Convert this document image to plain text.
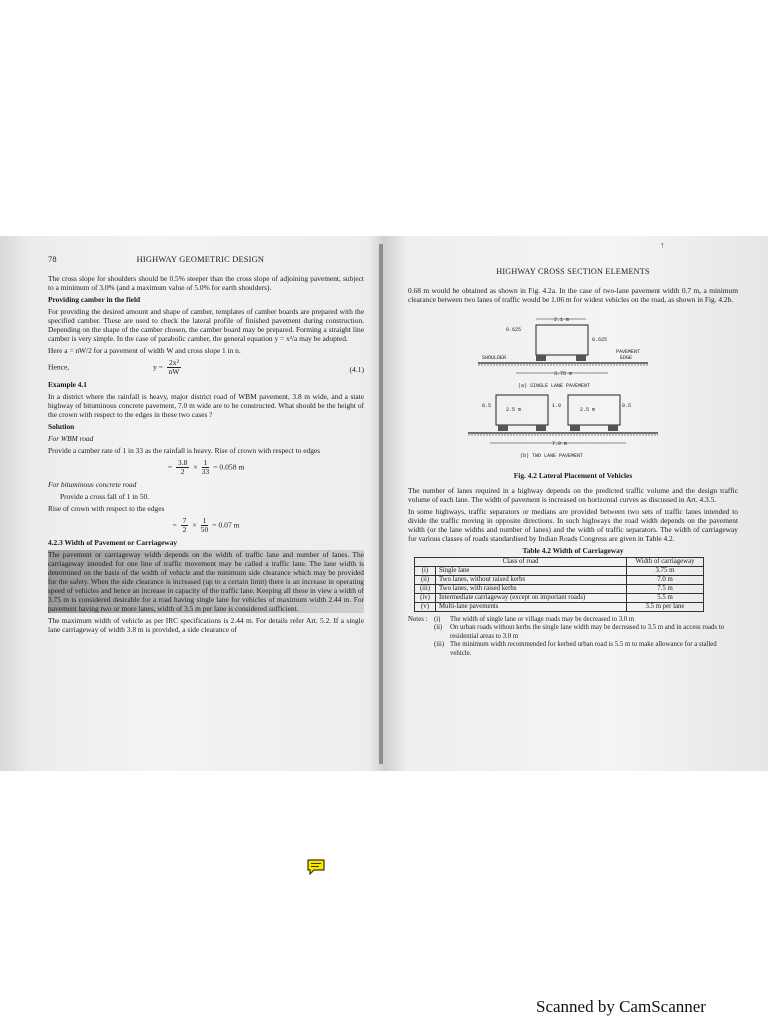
↑
78	HIGHWAY GEOMETRIC DESIGN

The cross slope for shoulders should be 0.5% steeper than the cross slope of adjoining pavement, subject to a minimum of 3.0% (and a maximum value of 5.0% for earth shoulders).

Providing camber in the field

For providing the desired amount and shape of camber, templates of camber boards are prepared with the specified camber. These are used to check the lateral profile of finished pavement during construction. Depending on the shape of the camber chosen, the camber board may be prepared. Forming a straight line camber is very simple. In the case of parabolic camber, the general equation y = x²/a may be adopted.

Here a = nW/2 for a pavement of width W and cross slope 1 in n.

Hence,	$y = \frac{\text{2x²}}{nW}$	(4.1)

Example 4.1

In a district where the rainfall is heavy, major district road of WBM pavement, 3.8 m wide, and a state highway of bituminous concrete pavement, 7.0 m wide are to be constructed. What should be the height of the crown with respect to the edges in these two cases ?

Solution

For WBM road

Provide a camber rate of 1 in 33 as the rainfall is heavy. Rise of crown with respect to edges

= $\frac{3.8}{2} \times \frac{1}{33} = 0.058$ m

For bituminous concrete road

Provide a cross fall of 1 in 50.

Rise of crown with respect to the edges

= $\frac{7}{2} \times \frac{1}{50} = 0.07$ m

4.2.3 Width of Pavement or Carriageway

The pavement or carriageway width depends on the width of traffic lane and number of lanes. The carriageway intended for one line of traffic movement may be called a traffic lane. The lane width is determined on the basis of the width of vehicle and the minimum side clearance which may be provided for the safety. When the side clearance is increased (up to a certain limit) there is an increase in operating speed of vehicles and hence an increase in capacity of the traffic lane. Keeping all these in view a width of 3.75 m is considered desirable for a road having single lane for vehicles of maximum width 2.44 m. For pavement having two or more lanes, width of 3.5 m per lane is considered sufficient.

The maximum width of vehicle as per IRC specifications is 2.44 m. For details refer Art. 5.2. If a single lane carriageway of width 3.8 m is provided, a side clearance of

HIGHWAY CROSS SECTION ELEMENTS

0.68 m would be obtained as shown in Fig. 4.2a. In the case of two-lane pavement width 0.7 m, a minimum clearance between two lanes of traffic would be 1.06 m for widest vehicles on the road, as shown in Fig. 4.2b.

2.1 m
0.625
0.625
SHOULDER
PAVEMENT
EDGE
3.75 m
(a) SINGLE LANE PAVEMENT
0.5
2.5 m
1.0
2.5 m
0.5
7.0 m
(b) TWO LANE PAVEMENT
Fig. 4.2 Lateral Placement of Vehicles

The number of lanes required in a highway depends on the predicted traffic volume and the design traffic volume of each lane. The width of pavement is increased on horizontal curves as discussed in Art. 4.3.5.

In some highways, traffic separators or medians are provided between two sets of traffic lanes intended to divide the traffic moving in opposite directions. In such highways the road width depends on the pavement width (or the lane widths and number of lanes) and the width of traffic separators. The width of carriageway for various classes of roads standardised by Indian Roads Congress are given in Table 4.2.

Table 4.2 Width of Carriageway
Class of road		Width of carriageway
(i)	Single lane	3.75 m
(ii)	Two lanes, without raised kerbs	7.0 m
(iii)	Two lanes, with raised kerbs	7.5 m
(iv)	Intermediate carriageway (except on important roads)	5.5 m
(v)	Multi-lane pavements	3.5 m per lane
Notes : (i)	The width of single lane or village roads may be decreased to 3.0 m
(ii)	On urban roads without kerbs the single lane width may be decreased to 3.5 m and in access roads to residential areas to 3.0 m
(iii) The minimum width recommended for kerbed urban road is 5.5 m to make allowance for a stalled vehicle.
Scanned by CamScanner
